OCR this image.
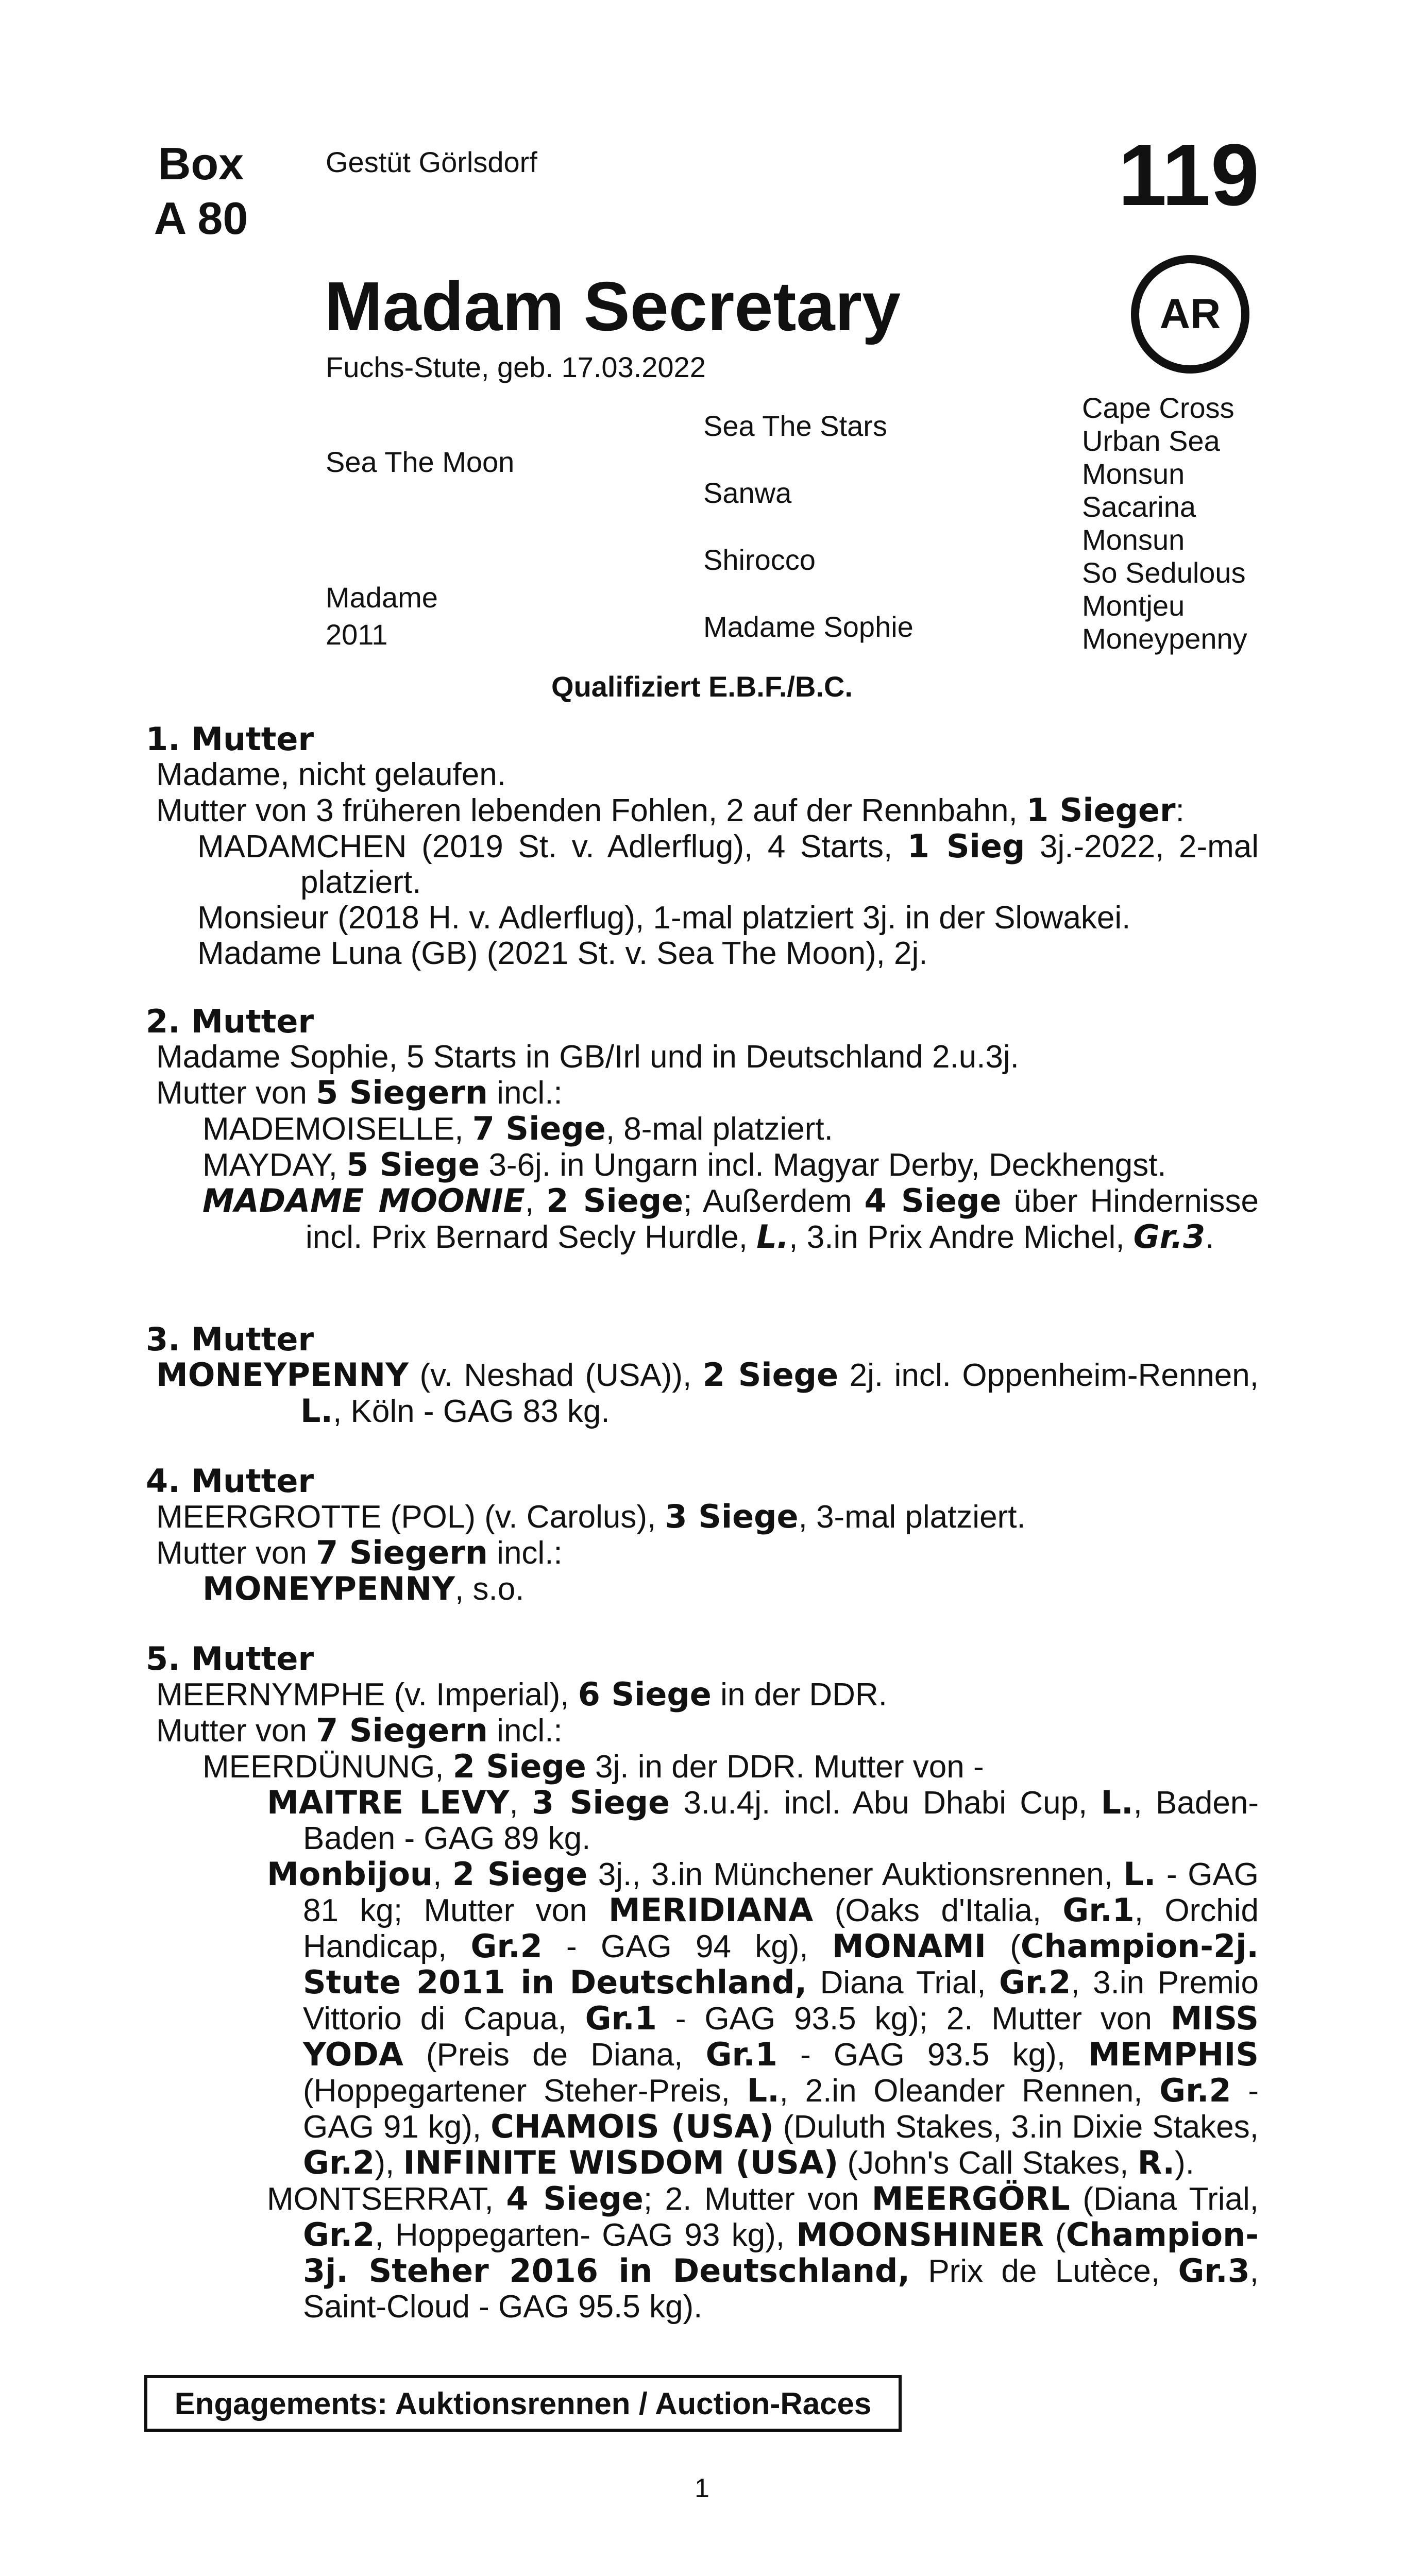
Box
A 80
Gestüt Görlsdorf	119
Madam Secretary	AR
Fuchs-Stute, geb. 17.03.2022
Sea The Moon
Madame
2011
Sea The Stars
Sanwa
Shirocco
Madame Sophie
Cape Cross
Urban Sea
Monsun
Sacarina
Monsun
So Sedulous
Montjeu
Moneypenny
Qualifiziert E.B.F./B.C.
1. Mutter

Madame, nicht gelaufen.

Mutter von 3 früheren lebenden Fohlen, 2 auf der Rennbahn, 1 Sieger:

MADAMCHEN (2019 St. v. Adlerflug), 4 Starts, 1 Sieg 3j.-2022, 2-mal platziert.

Monsieur (2018 H. v. Adlerflug), 1-mal platziert 3j. in der Slowakei.

Madame Luna (GB) (2021 St. v. Sea The Moon), 2j.

2. Mutter

Madame Sophie, 5 Starts in GB/Irl und in Deutschland 2.u.3j.

Mutter von 5 Siegern incl.:

MADEMOISELLE, 7 Siege, 8-mal platziert.

MAYDAY, 5 Siege 3-6j. in Ungarn incl. Magyar Derby, Deckhengst.

MADAME MOONIE, 2 Siege; Außerdem 4 Siege über Hindernisse incl. Prix Bernard Secly Hurdle, L., 3.in Prix Andre Michel, Gr.3.

3. Mutter

MONEYPENNY (v. Neshad (USA)), 2 Siege 2j. incl. Oppenheim-Rennen, L., Köln - GAG 83 kg.

4. Mutter

MEERGROTTE (POL) (v. Carolus), 3 Siege, 3-mal platziert.

Mutter von 7 Siegern incl.:

MONEYPENNY, s.o.

5. Mutter

MEERNYMPHE (v. Imperial), 6 Siege in der DDR.

Mutter von 7 Siegern incl.:

MEERDÜNUNG, 2 Siege 3j. in der DDR. Mutter von -

MAITRE LEVY, 3 Siege 3.u.4j. incl. Abu Dhabi Cup, L., Baden-Baden - GAG 89 kg.

Monbijou, 2 Siege 3j., 3.in Münchener Auktionsrennen, L. - GAG 81 kg; Mutter von MERIDIANA (Oaks d'Italia, Gr.1, Orchid Handicap, Gr.2 - GAG 94 kg), MONAMI (Champion-2j. Stute 2011 in Deutschland, Diana Trial, Gr.2, 3.in Premio Vittorio di Capua, Gr.1 - GAG 93.5 kg); 2. Mutter von MISS YODA (Preis de Diana, Gr.1 - GAG 93.5 kg), MEMPHIS (Hoppegartener Steher-Preis, L., 2.in Oleander Rennen, Gr.2 - GAG 91 kg), CHAMOIS (USA) (Duluth Stakes, 3.in Dixie Stakes, Gr.2), INFINITE WISDOM (USA) (John's Call Stakes, R.).

MONTSERRAT, 4 Siege; 2. Mutter von MEERGÖRL (Diana Trial, Gr.2, Hoppegarten- GAG 93 kg), MOONSHINER (Champion-3j. Steher 2016 in Deutschland, Prix de Lutèce, Gr.3, Saint-Cloud - GAG 95.5 kg).

Engagements: Auktionsrennen / Auction-Races
1
